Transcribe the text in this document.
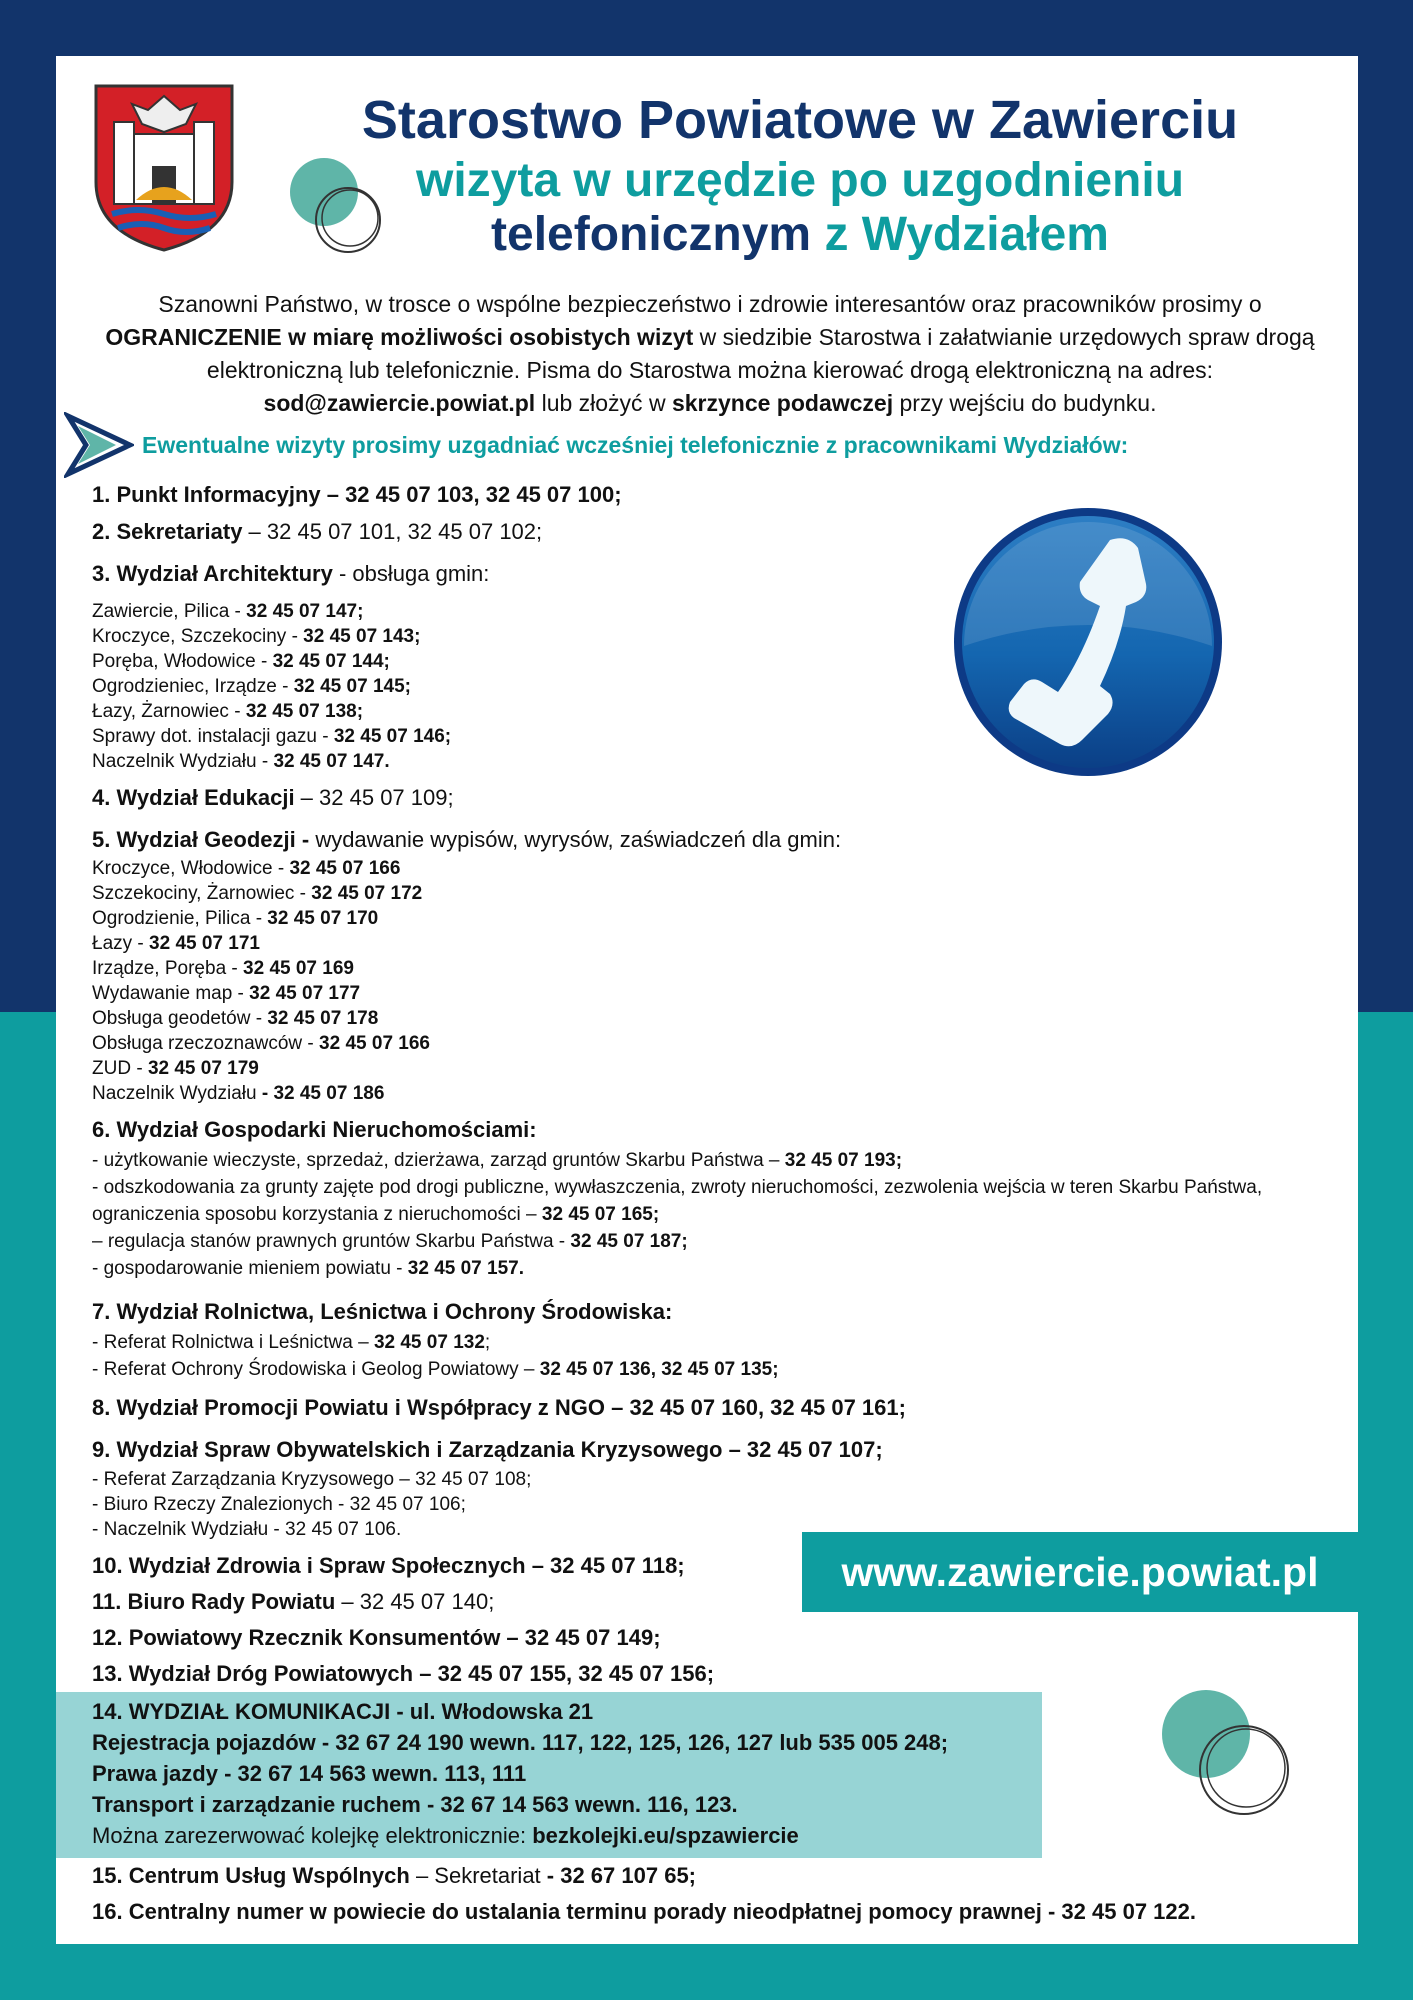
Starostwo Powiatowe w Zawierciu
wizyta w urzędzie po uzgodnieniu
telefonicznym z Wydziałem
Szanowni Państwo, w trosce o wspólne bezpieczeństwo i zdrowie interesantów oraz pracowników prosimy o OGRANICZENIE w miarę możliwości osobistych wizyt w siedzibie Starostwa i załatwianie urzędowych spraw drogą elektroniczną lub telefonicznie. Pisma do Starostwa można kierować drogą elektroniczną na adres: sod@zawiercie.powiat.pl lub złożyć w skrzynce podawczej przy wejściu do budynku.
Ewentualne wizyty prosimy uzgadniać wcześniej telefonicznie z pracownikami Wydziałów:
1. Punkt Informacyjny – 32 45 07 103, 32 45 07 100;
2. Sekretariaty – 32 45 07 101, 32 45 07 102;
3. Wydział Architektury - obsługa gmin:
Zawiercie, Pilica - 32 45 07 147;
Kroczyce, Szczekociny - 32 45 07 143;
Poręba, Włodowice - 32 45 07 144;
Ogrodzieniec, Irządze - 32 45 07 145;
Łazy, Żarnowiec - 32 45 07 138;
Sprawy dot. instalacji gazu - 32 45 07 146;
Naczelnik Wydziału - 32 45 07 147.
4. Wydział Edukacji – 32 45 07 109;
5. Wydział Geodezji - wydawanie wypisów, wyrysów, zaświadczeń dla gmin:
Kroczyce, Włodowice - 32 45 07 166
Szczekociny, Żarnowiec - 32 45 07 172
Ogrodzienie, Pilica - 32 45 07 170
Łazy - 32 45 07 171
Irządze, Poręba - 32 45 07 169
Wydawanie map - 32 45 07 177
Obsługa geodetów - 32 45 07 178
Obsługa rzeczoznawców - 32 45 07 166
ZUD - 32 45 07 179
Naczelnik Wydziału - 32 45 07 186
6. Wydział Gospodarki Nieruchomościami:
- użytkowanie wieczyste, sprzedaż, dzierżawa, zarząd gruntów Skarbu Państwa – 32 45 07 193;
- odszkodowania za grunty zajęte pod drogi publiczne, wywłaszczenia, zwroty nieruchomości, zezwolenia wejścia w teren Skarbu Państwa, ograniczenia sposobu korzystania z nieruchomości – 32 45 07 165;
– regulacja stanów prawnych gruntów Skarbu Państwa - 32 45 07 187;
- gospodarowanie mieniem powiatu - 32 45 07 157.
7. Wydział Rolnictwa, Leśnictwa i Ochrony Środowiska:
- Referat Rolnictwa i Leśnictwa – 32 45 07 132;
- Referat Ochrony Środowiska i Geolog Powiatowy – 32 45 07 136, 32 45 07 135;
8. Wydział Promocji Powiatu i Współpracy z NGO – 32 45 07 160, 32 45 07 161;
9. Wydział Spraw Obywatelskich i Zarządzania Kryzysowego – 32 45 07 107;
- Referat Zarządzania Kryzysowego – 32 45 07 108;
- Biuro Rzeczy Znalezionych - 32 45 07 106;
- Naczelnik Wydziału - 32 45 07 106.
www.zawiercie.powiat.pl
10. Wydział Zdrowia i Spraw Społecznych – 32 45 07 118;
11. Biuro Rady Powiatu – 32 45 07 140;
12. Powiatowy Rzecznik Konsumentów – 32 45 07 149;
13. Wydział Dróg Powiatowych – 32 45 07 155, 32 45 07 156;
14. WYDZIAŁ KOMUNIKACJI - ul. Włodowska 21
Rejestracja pojazdów - 32 67 24 190 wewn. 117, 122, 125, 126, 127 lub 535 005 248;
Prawa jazdy - 32 67 14 563 wewn. 113, 111
Transport i zarządzanie ruchem - 32 67 14 563 wewn. 116, 123.
Można zarezerwować kolejkę elektronicznie: bezkolejki.eu/spzawiercie
15. Centrum Usług Wspólnych – Sekretariat - 32 67 107 65;
16. Centralny numer w powiecie do ustalania terminu porady nieodpłatnej pomocy prawnej - 32 45 07 122.
